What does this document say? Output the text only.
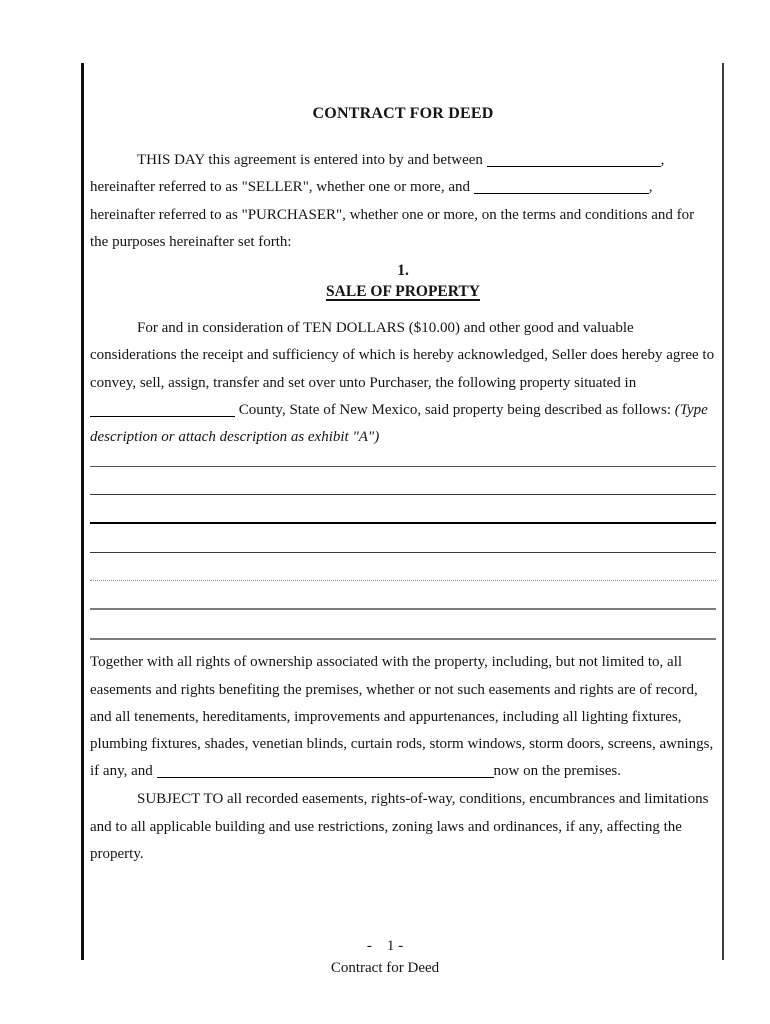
CONTRACT FOR DEED

THIS DAY this agreement is entered into by and between	, hereinafter referred to as "SELLER", whether one or more, and	, hereinafter referred to as "PURCHASER", whether one or more, on the terms and conditions and for the purposes hereinafter set forth:

1.
SALE OF PROPERTY

For and in consideration of TEN DOLLARS ($10.00) and other good and valuable considerations the receipt and sufficiency of which is hereby acknowledged, Seller does hereby agree to convey, sell, assign, transfer and set over unto Purchaser, the following property situated in  County, State of New Mexico, said property being described as follows: (Type description or attach description as exhibit "A")

Together with all rights of ownership associated with the property, including, but not limited to, all easements and rights benefiting the premises, whether or not such easements and rights are of record, and all tenements, hereditaments, improvements and appurtenances, including all lighting fixtures, plumbing fixtures, shades, venetian blinds, curtain rods, storm windows, storm doors, screens, awnings, if any, and	now on the premises.

SUBJECT TO all recorded easements, rights-of-way, conditions, encumbrances and limitations and to all applicable building and use restrictions, zoning laws and ordinances, if any, affecting the property.

-    1 -
Contract for Deed
